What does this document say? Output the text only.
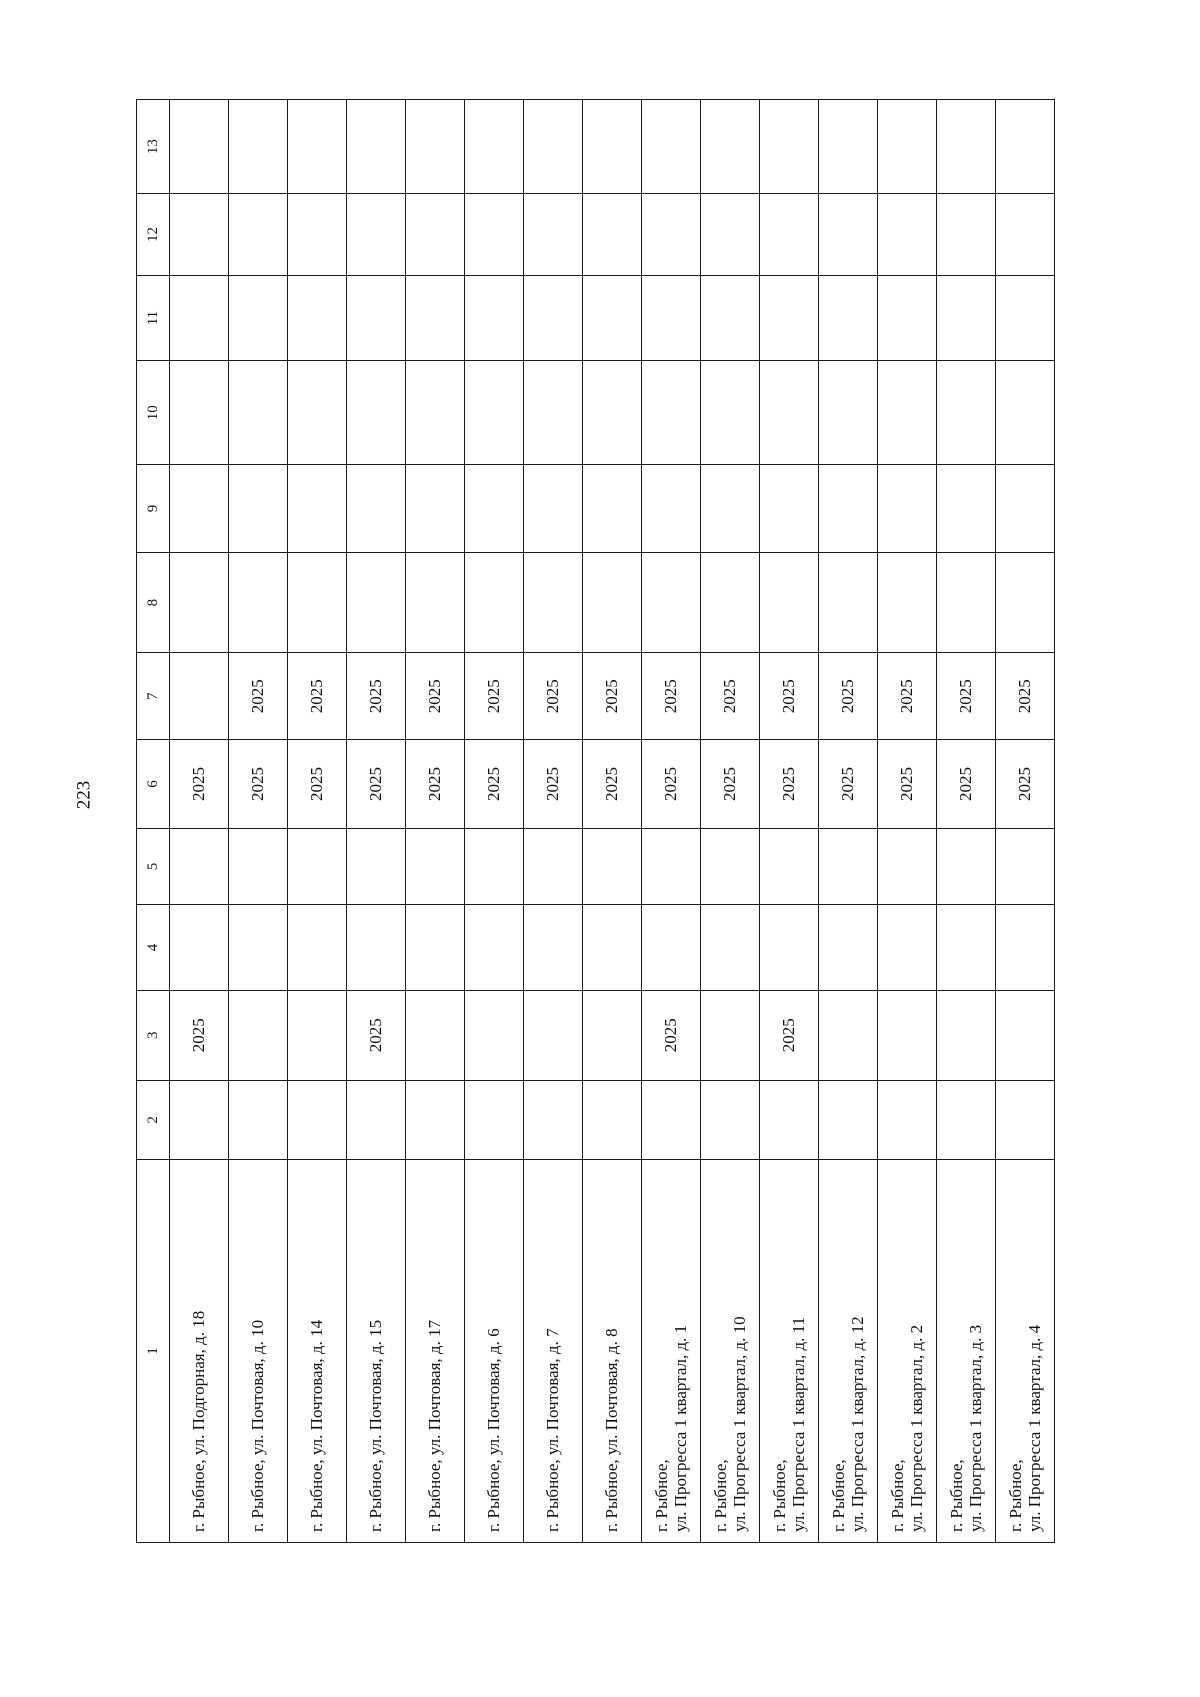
223
1	2	3	4	5	6	7	8	9	10	11	12	13

г. Рыбное, ул. Подгорная, д. 18		2025			2025							

г. Рыбное, ул. Почтовая, д. 10					2025	2025						

г. Рыбное, ул. Почтовая, д. 14					2025	2025						

г. Рыбное, ул. Почтовая, д. 15		2025			2025	2025						

г. Рыбное, ул. Почтовая, д. 17					2025	2025						

г. Рыбное, ул. Почтовая, д. 6					2025	2025						

г. Рыбное, ул. Почтовая, д. 7					2025	2025						

г. Рыбное, ул. Почтовая, д. 8					2025	2025						

г. Рыбное, ул. Прогресса 1 квартал, д. 1		2025			2025	2025						

г. Рыбное, ул. Прогресса 1 квартал, д. 10					2025	2025						

г. Рыбное, ул. Прогресса 1 квартал, д. 11		2025			2025	2025						

г. Рыбное, ул. Прогресса 1 квартал, д. 12					2025	2025						

г. Рыбное, ул. Прогресса 1 квартал, д. 2					2025	2025						

г. Рыбное, ул. Прогресса 1 квартал, д. 3					2025	2025						

г. Рыбное, ул. Прогресса 1 квартал, д. 4					2025	2025						
